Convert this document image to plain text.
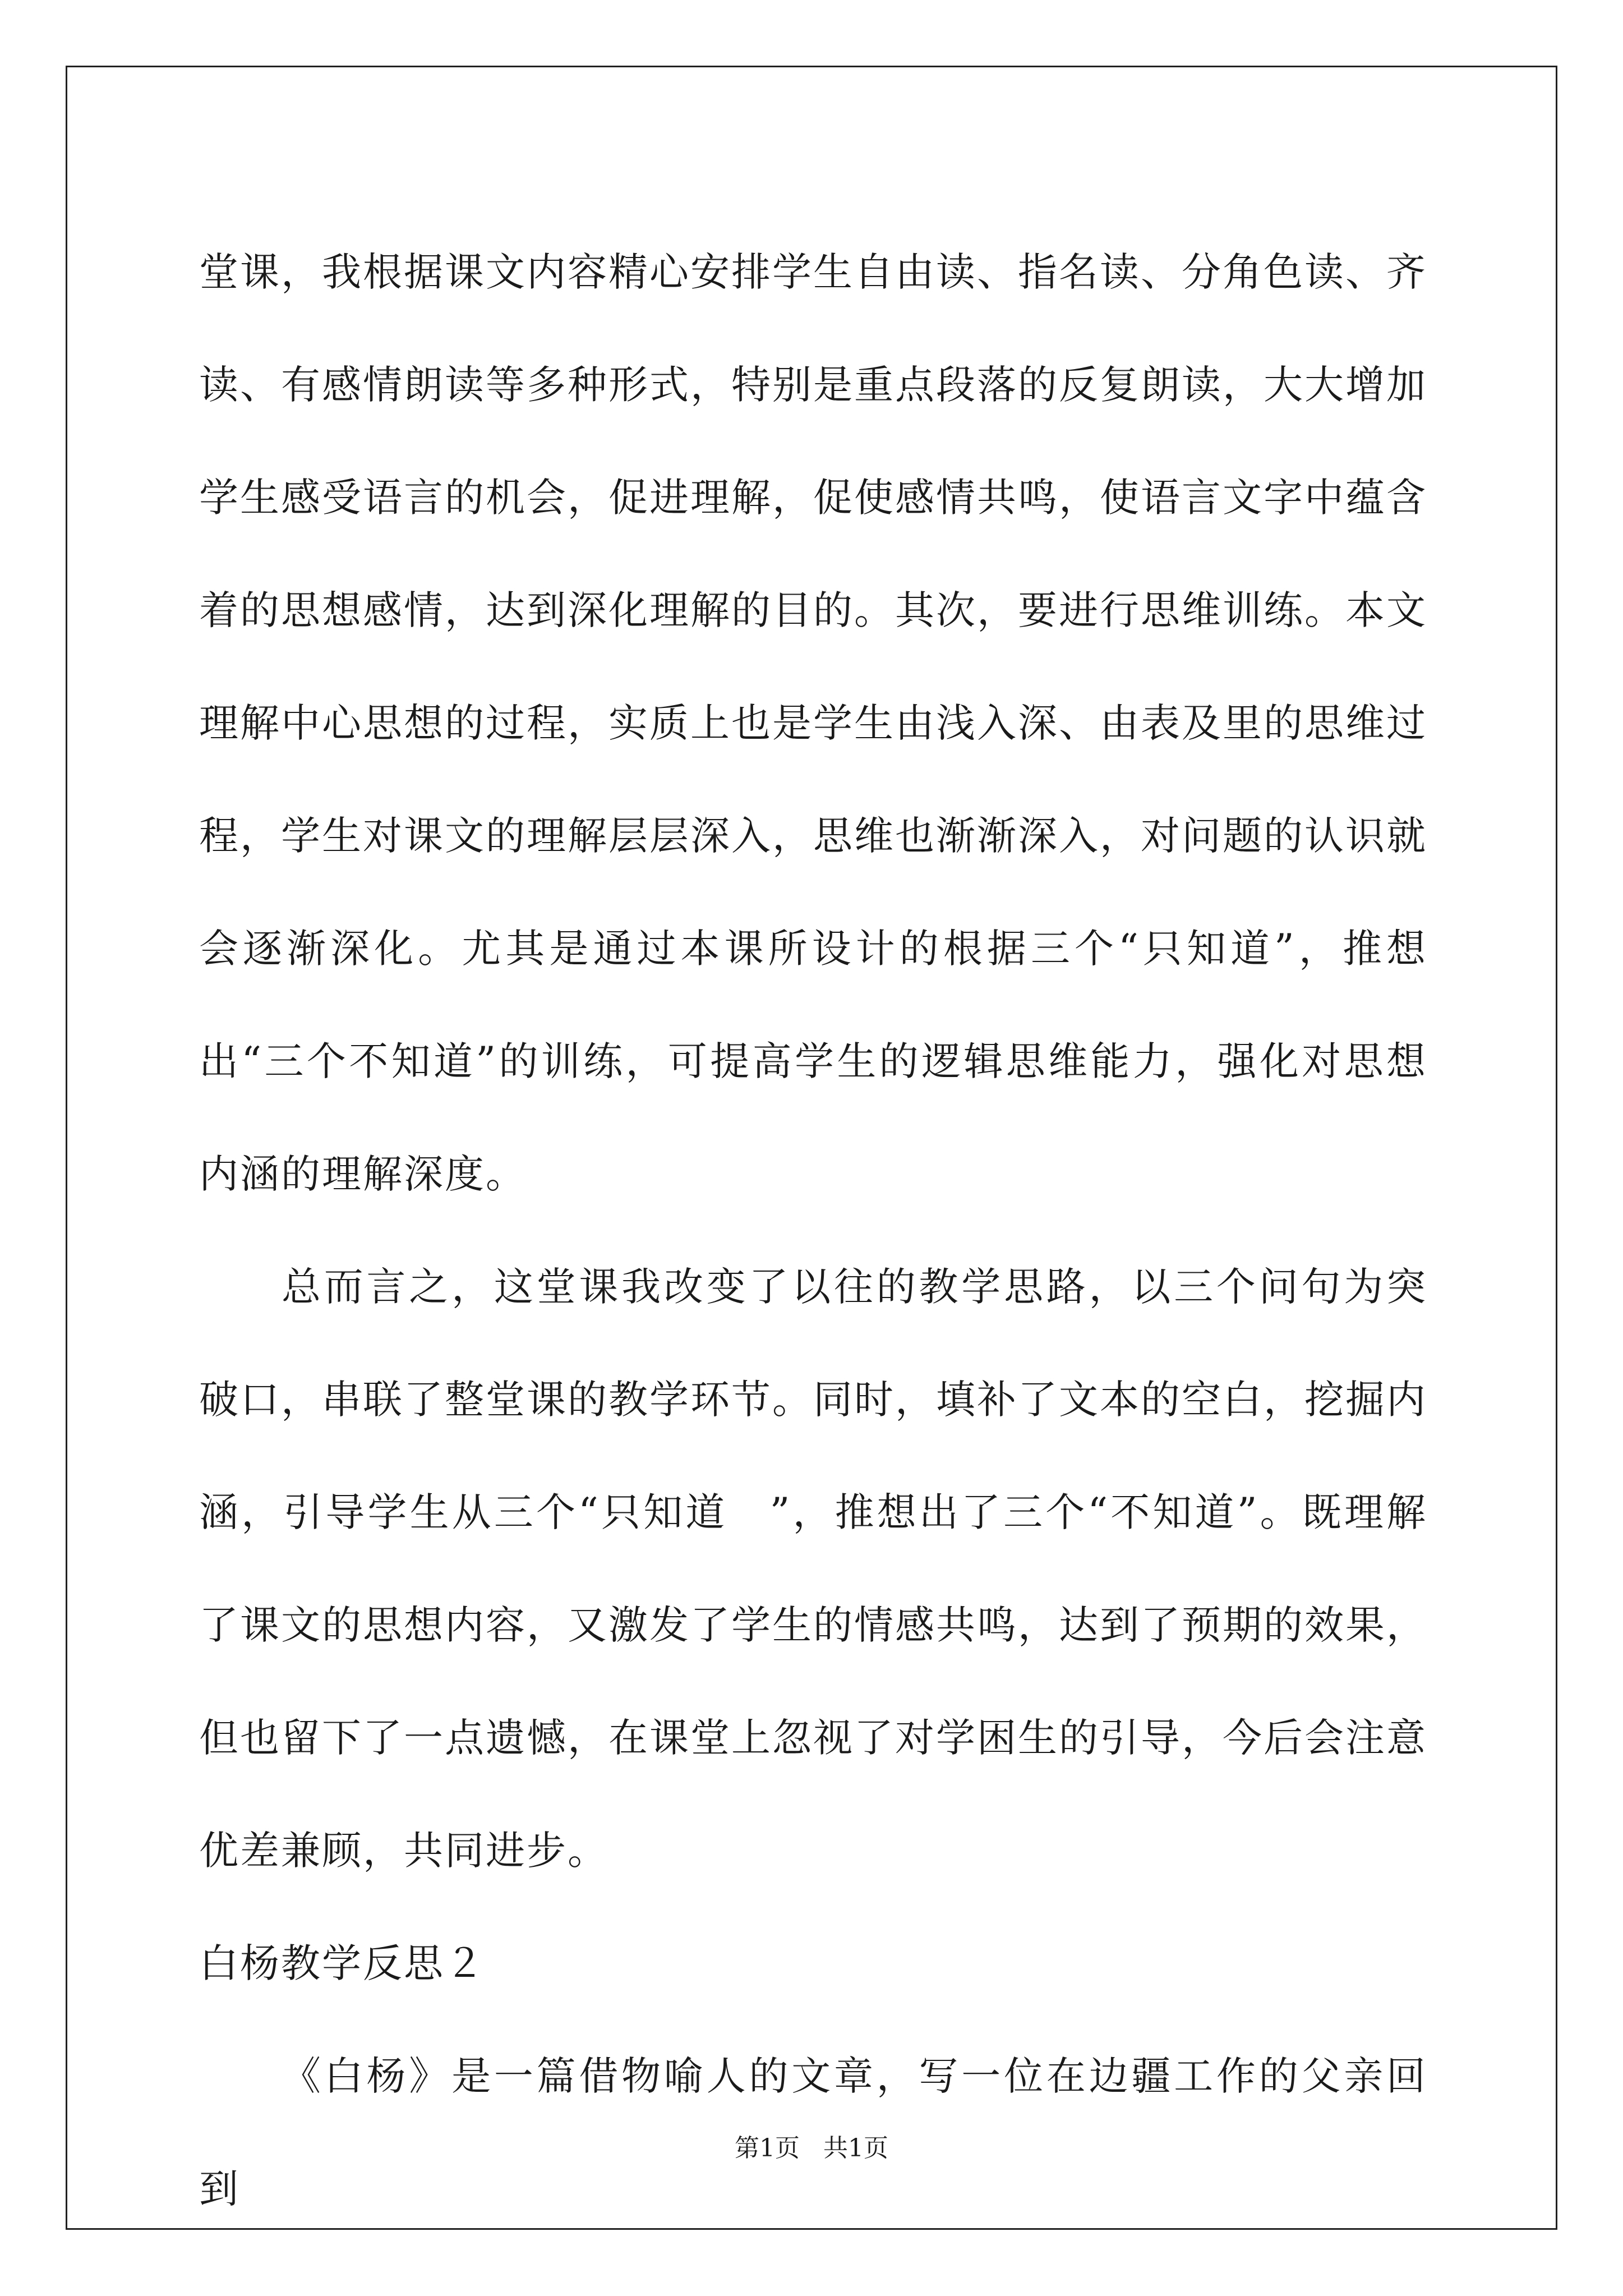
堂课，我根据课文内容精心安排学生自由读、指名读、分角色读、齐读、有感情朗读等多种形式，特别是重点段落的反复朗读，大大增加学生感受语言的机会，促进理解，促使感情共鸣，使语言文字中蕴含着的思想感情，达到深化理解的目的。其次，要进行思维训练。本文理解中心思想的过程，实质上也是学生由浅入深、由表及里的思维过程，学生对课文的理解层层深入，思维也渐渐深入，对问题的认识就会逐渐深化。尤其是通过本课所设计的根据三个“只知道”，推想出“三个不知道”的训练，可提高学生的逻辑思维能力，强化对思想内涵的理解深度。

总而言之，这堂课我改变了以往的教学思路，以三个问句为突破口，串联了整堂课的教学环节。同时，填补了文本的空白，挖掘内涵，引导学生从三个“只知道　”，推想出了三个“不知道”。既理解了课文的思想内容，又激发了学生的情感共鸣，达到了预期的效果，但也留下了一点遗憾，在课堂上忽视了对学困生的引导，今后会注意优差兼顾，共同进步。

白杨教学反思２

《白杨》是一篇借物喻人的文章，写一位在边疆工作的父亲回到

第1页 共1页
